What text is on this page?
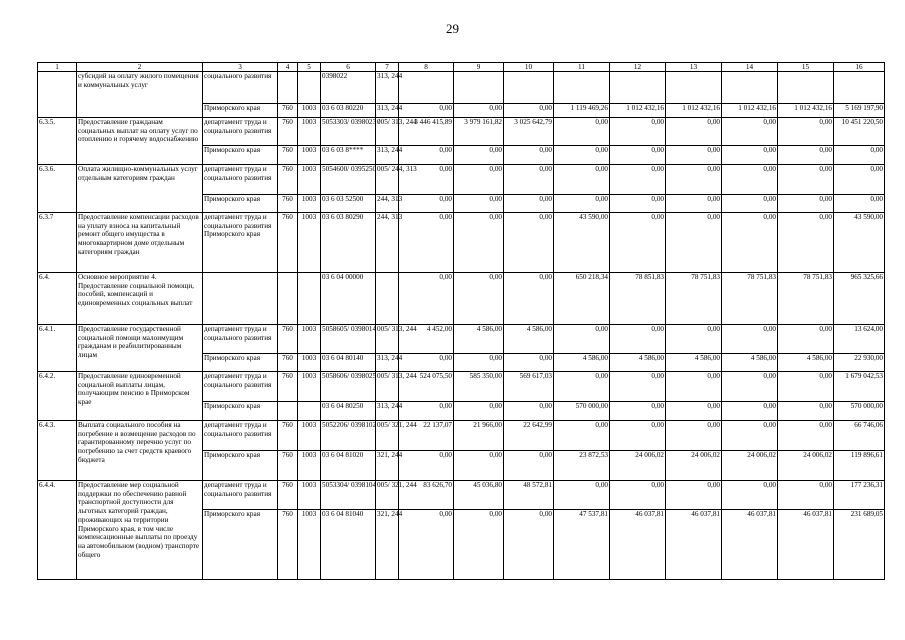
29
1	2	3	4	5	6	7	8	9	10	11	12	13	14	15	16
	субсидий на оплату жилого помещения и коммунальных услуг	социального развития			0398022	313, 244									
		Приморского края	760	1003	03 6 03 80220	313, 244	0,00	0,00	0,00	1 119 469,26	1 012 432,16	1 012 432,16	1 012 432,16	1 012 432,16	5 169 197,90
6.3.5.	Предоставление гражданам социальных выплат на оплату услуг по отоплению и горячему водоснабжению	департамент труда и социального развития	760	1003	5053303/ 0398023 /	005/ 313, 244	3 446 415,89	3 979 161,82	3 025 642,79	0,00	0,00	0,00	0,00	0,00	10 451 220,50
		Приморского края	760	1003	03 6 03 8****	313, 244	0,00	0,00	0,00	0,00	0,00	0,00	0,00	0,00	0,00
6.3.6.	Оплата жилищно-коммунальных услуг отдельным категориям граждан	департамент труда и социального развития	760	1003	5054600/ 0395250	005/ 244, 313	0,00	0,00	0,00	0,00	0,00	0,00	0,00	0,00	0,00
		Приморского края	760	1003	03 6 03 52500	244, 313	0,00	0,00	0,00	0,00	0,00	0,00	0,00	0,00	0,00
6.3.7	Предоставление компенсации расходов на уплату взноса на капитальный ремонт общего имущества в многоквартирном доме отдельным категориям граждан	департамент труда и социального развития Приморского края	760	1003	03 6 03 80290	244, 313	0,00	0,00	0,00	43 590,00	0,00	0,00	0,00	0,00	43 590,00
6.4.	Основное мероприятие 4. Предоставление социальной помощи, пособий, компенсаций и единовременных социальных выплат				03 6 04 00000		0,00	0,00	0,00	650 218,34	78 851,83	78 751,83	78 751,83	78 751,83	965 325,66
6.4.1.	Предоставление государственной социальной помощи малоимущим гражданам и реабилитированным лицам	департамент труда и социального развития	760	1003	5058605/ 0398014	005/ 313, 244	4 452,00	4 586,00	4 586,00	0,00	0,00	0,00	0,00	0,00	13 624,00
		Приморского края	760	1003	03 6 04 80140	313, 244	0,00	0,00	0,00	4 586,00	4 586,00	4 586,00	4 586,00	4 586,00	22 930,00
6.4.2.	Предоставление единовременной социальной выплаты лицам, получающим пенсию в Приморском крае	департамент труда и социального развития	760	1003	5058606/ 0398025	005/ 313, 244	524 075,50	585 350,00	569 617,03	0,00	0,00	0,00	0,00	0,00	1 679 042,53
		Приморского края			03 6 04 80250	313, 244	0,00	0,00	0,00	570 000,00	0,00	0,00	0,00	0,00	570 000,00
6.4.3.	Выплата социального пособия на погребение и возмещение расходов по гарантированному перечню услуг по погребению за счет средств краевого бюджета	департамент труда и социального развития	760	1003	5052206/ 0398102	005/ 321, 244	22 137,07	21 966,00	22 642,99	0,00	0,00	0,00	0,00	0,00	66 746,06
		Приморского края	760	1003	03 6 04 81020	321, 244	0,00	0,00	0,00	23 872,53	24 006,02	24 006,02	24 006,02	24 006,02	119 896,61
6.4.4.	Предоставление мер социальной поддержки по обеспечению равной транспортной доступности для льготных категорий граждан, проживающих на территории Приморского края, в том числе компенсационные выплаты по проезду на автомобильном (водном) транспорте общего	департамент труда и социального развития	760	1003	5053304/ 0398104	005/ 321, 244	83 626,70	45 036,80	48 572,81	0,00	0,00	0,00	0,00	0,00	177 236,31
		Приморского края	760	1003	03 6 04 81040	321, 244	0,00	0,00	0,00	47 537,81	46 037,81	46 037,81	46 037,81	46 037,81	231 689,05
